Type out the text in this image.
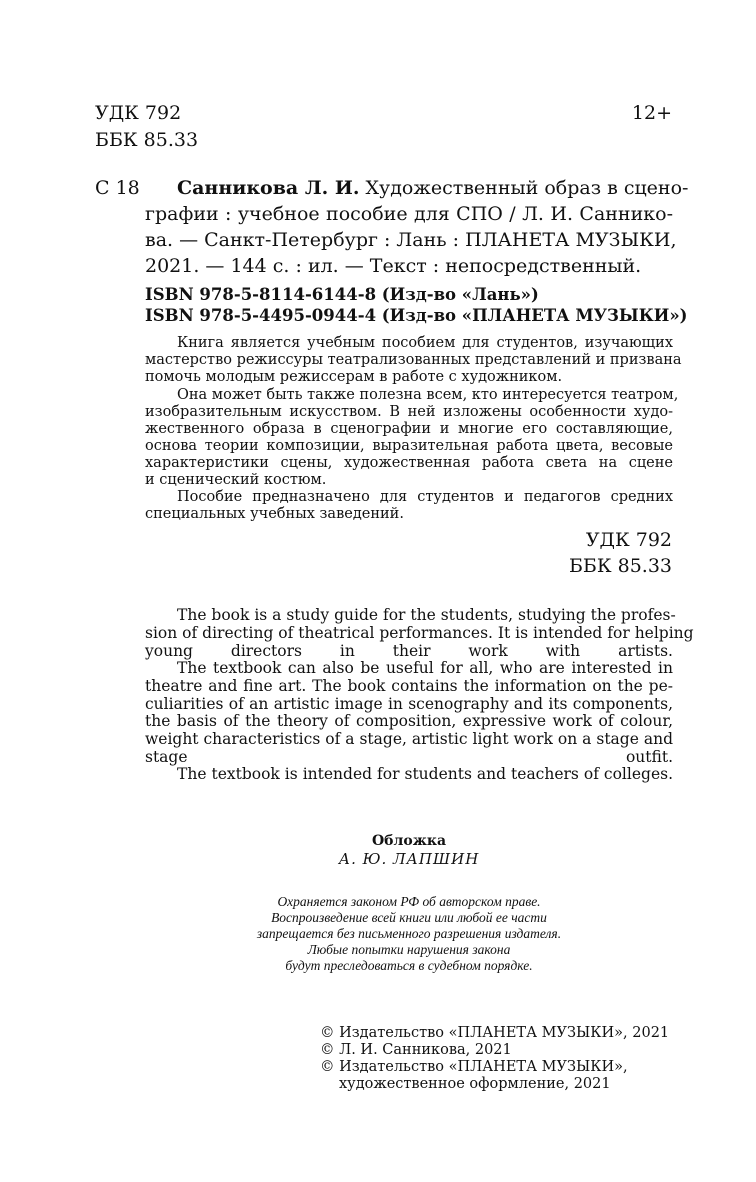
УДК 792
ББК 85.33
12+
С 18 Санникова Л. И. Художественный образ в сцено-
графии : учебное пособие для СПО / Л. И. Саннико-
ва. — Санкт-Петербург : Лань : ПЛАНЕТА МУЗЫКИ,
2021. — 144 с. : ил. — Текст : непосредственный.
ISBN 978-5-8114-6144-8 (Изд-во «Лань»)
ISBN 978-5-4495-0944-4 (Изд-во «ПЛАНЕТА МУЗЫКИ»)
Книга является учебным пособием для студентов, изучающих
мастерство режиссуры театрализованных представлений и призвана
помочь молодым режиссерам в работе с художником.
Она может быть также полезна всем, кто интересуется театром,
изобразительным искусством. В ней изложены особенности худо-
жественного образа в сценографии и многие его составляющие,
основа теории композиции, выразительная работа цвета, весовые
характеристики сцены, художественная работа света на сцене
и сценический костюм.
Пособие предназначено для студентов и педагогов средних
специальных учебных заведений.
УДК 792
ББК 85.33
The book is a study guide for the students, studying the profes-
sion of directing of theatrical performances. It is intended for helping
young directors in their work with artists.
The textbook can also be useful for all, who are interested in
theatre and fine art. The book contains the information on the pe-
culiarities of an artistic image in scenography and its components,
the basis of the theory of composition, expressive work of colour,
weight characteristics of a stage, artistic light work on a stage and
stage outfit.
The textbook is intended for students and teachers of colleges.
Обложка
А. Ю. ЛАПШИН
Охраняется законом РФ об авторском праве.
Воспроизведение всей книги или любой ее части
запрещается без письменного разрешения издателя.
Любые попытки нарушения закона
будут преследоваться в судебном порядке.
© Издательство «ПЛАНЕТА МУЗЫКИ», 2021
© Л. И. Санникова, 2021
© Издательство «ПЛАНЕТА МУЗЫКИ»,
художественное оформление, 2021
